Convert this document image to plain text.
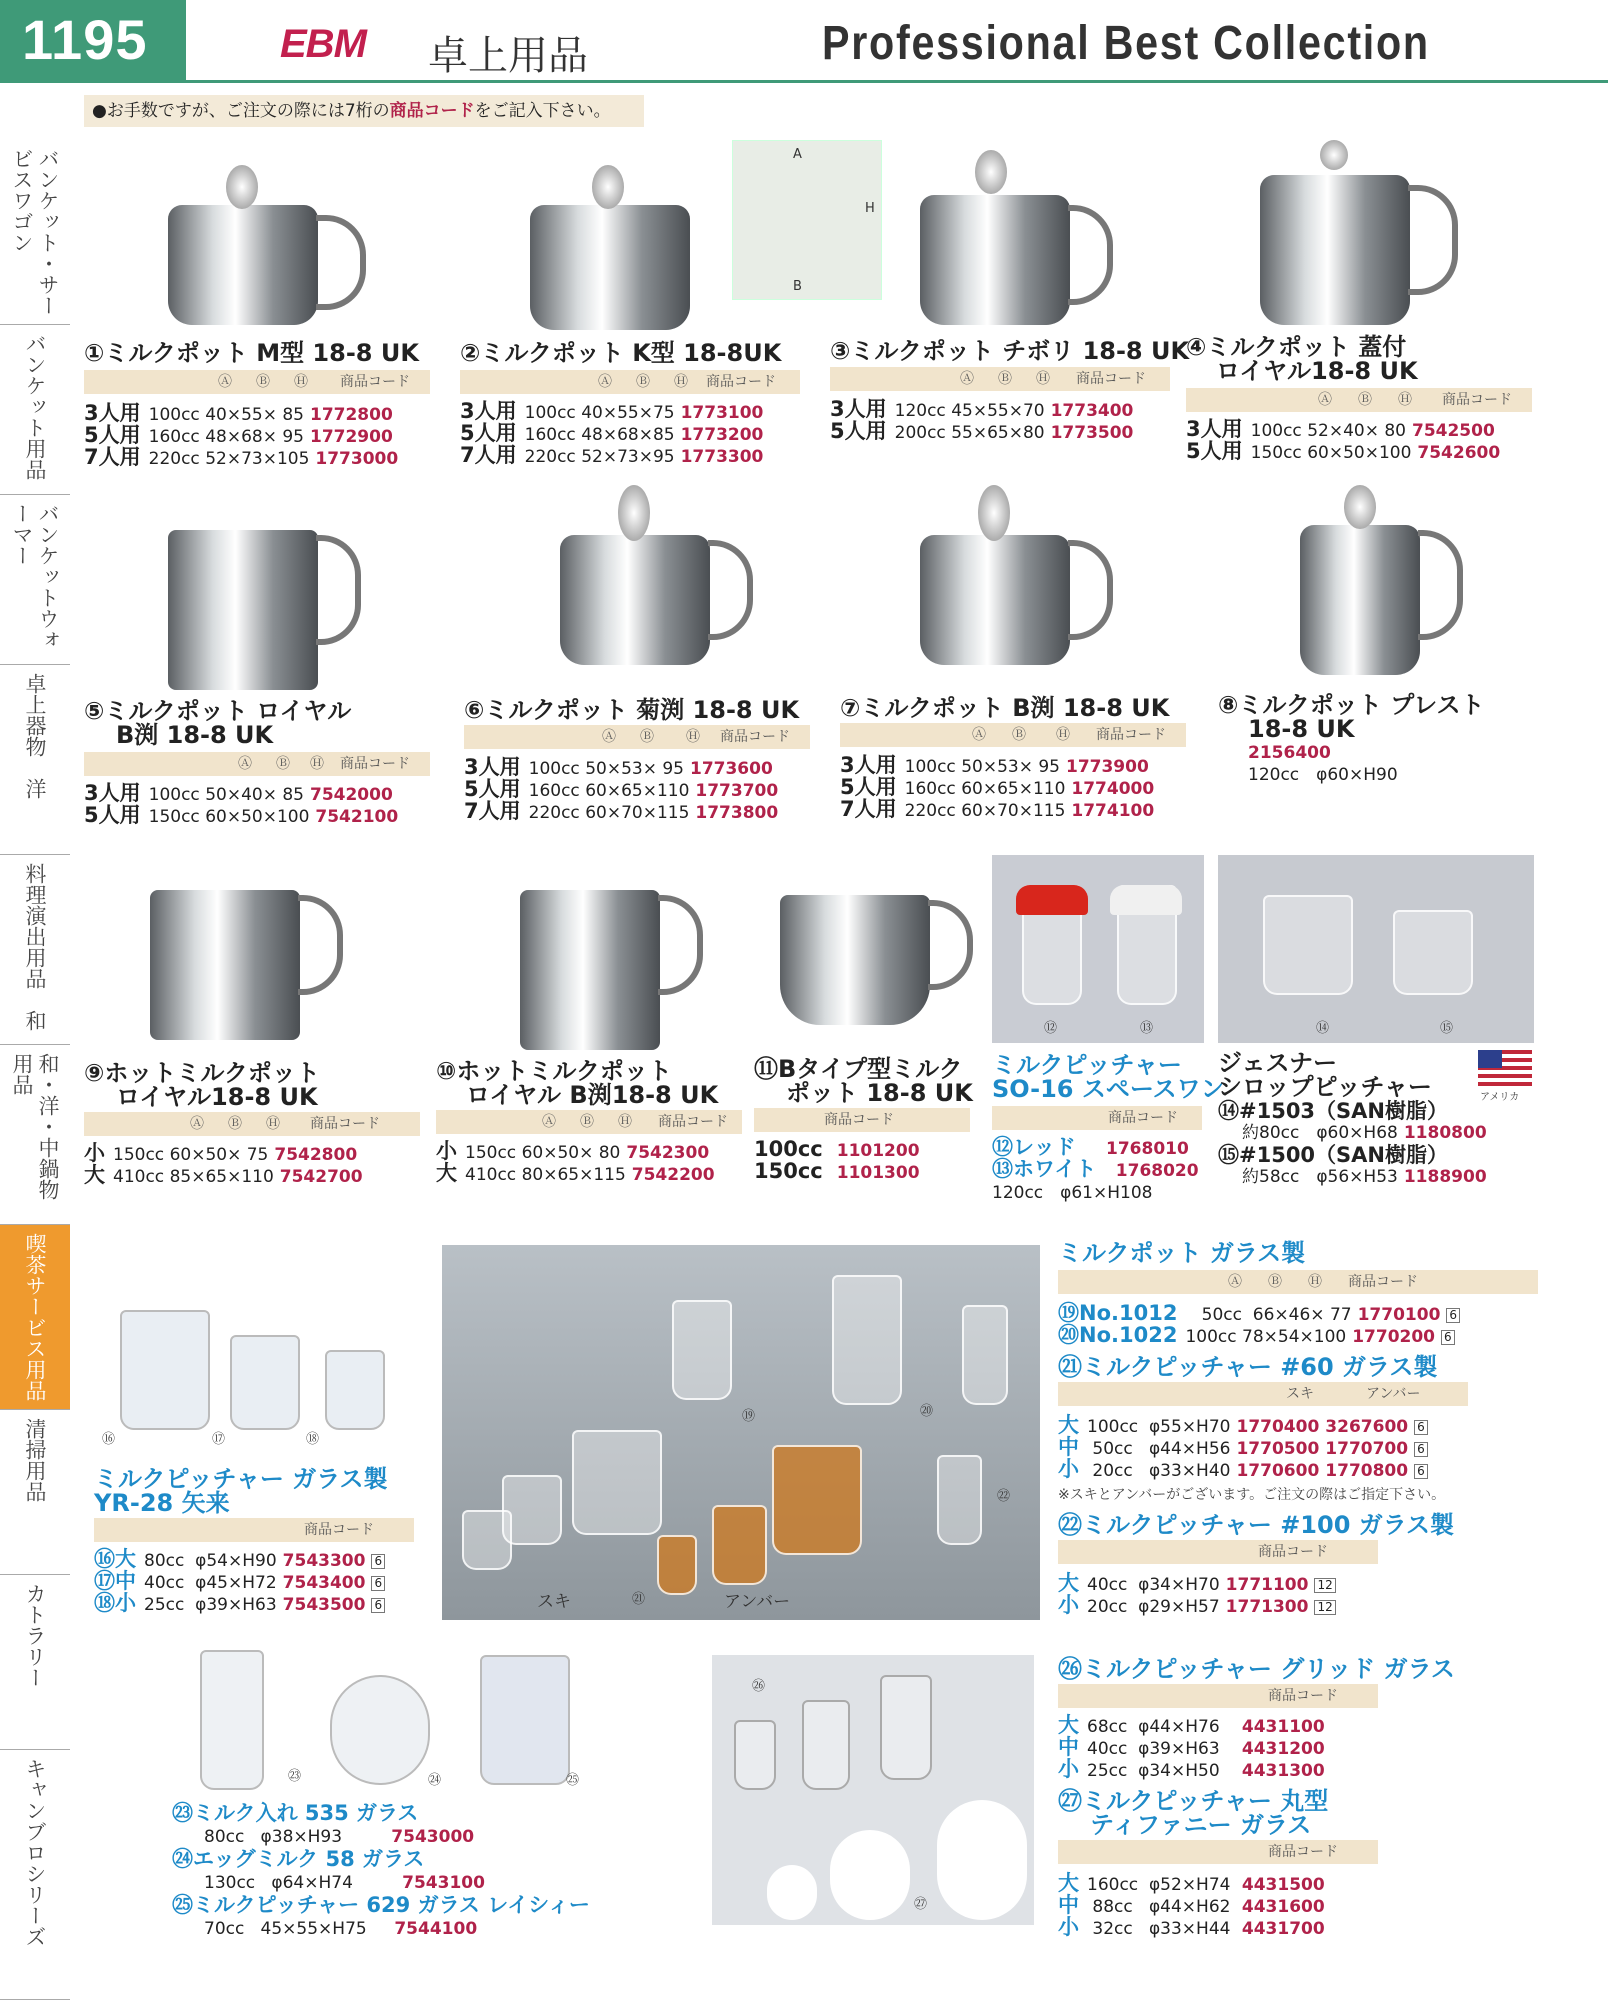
1195	EBM 卓上用品	Professional Best Collection
●お手数ですが、ご注文の際には7桁の商品コードをご記入下さい。
バンケット・サービスワゴン
バンケット用品
バンケットウォーマー
卓上器物　洋
料理演出用品　和
和・洋・中鍋物用品
喫茶サービス用品
清掃用品
カトラリー
キャンブロシリーズ
A
H
B
①ミルクポット M型 18-8 UK
Ⓐ Ⓑ Ⓗ 商品コード
3人用 100cc 40×55× 85 1772800
5人用 160cc 48×68× 95 1772900
7人用 220cc 52×73×105 1773000
②ミルクポット K型 18-8UK
Ⓐ Ⓑ Ⓗ 商品コード
3人用 100cc 40×55×75 1773100
5人用 160cc 48×68×85 1773200
7人用 220cc 52×73×95 1773300
③ミルクポット チボリ 18-8 UK
Ⓐ Ⓑ Ⓗ 商品コード
3人用 120cc 45×55×70 1773400
5人用 200cc 55×65×80 1773500
④ミルクポット 蓋付
ロイヤル18-8 UK
Ⓐ Ⓑ Ⓗ 商品コード
3人用 100cc 52×40× 80 7542500
5人用 150cc 60×50×100 7542600
⑤ミルクポット ロイヤル
B渕 18-8 UK
Ⓐ Ⓑ Ⓗ 商品コード
3人用 100cc 50×40× 85 7542000
5人用 150cc 60×50×100 7542100
⑥ミルクポット 菊渕 18-8 UK
Ⓐ Ⓑ Ⓗ 商品コード
3人用 100cc 50×53× 95 1773600
5人用 160cc 60×65×110 1773700
7人用 220cc 60×70×115 1773800
⑦ミルクポット B渕 18-8 UK
Ⓐ Ⓑ Ⓗ 商品コード
3人用 100cc 50×53× 95 1773900
5人用 160cc 60×65×110 1774000
7人用 220cc 60×70×115 1774100
⑧ミルクポット プレスト
18-8 UK
2156400
120cc　φ60×H90
⑫	⑬	⑭	⑮
⑨ホットミルクポット
ロイヤル18-8 UK
Ⓐ Ⓑ Ⓗ 商品コード
小 150cc 60×50× 75 7542800
大 410cc 85×65×110 7542700
⑩ホットミルクポット
ロイヤル B渕18-8 UK
Ⓐ Ⓑ Ⓗ 商品コード
小 150cc 60×50× 80 7542300
大 410cc 80×65×115 7542200
⑪Bタイプ型ミルク
ポット 18-8 UK
商品コード
100cc 1101200
150cc 1101300
ミルクピッチャー
SO-16 スペースワン
商品コード
⑫レッド 1768010
⑬ホワイト 1768020
120cc　φ61×H108
ジェスナー
シロップピッチャー	アメリカ
⑭#1503（SAN樹脂）
約80cc　φ60×H68 1180800
⑮#1500（SAN樹脂）
約58cc　φ56×H53 1188900
⑯	⑰	⑱
ミルクピッチャー ガラス製
YR-28 矢来
商品コード
⑯大 80cc φ54×H90 7543300 6
⑰中 40cc φ45×H72 7543400 6
⑱小 25cc φ39×H63 7543500 6
⑲	⑳
㉑
㉒
スキ	アンバー
ミルクポット ガラス製
Ⓐ Ⓑ Ⓗ 商品コード
⑲No.1012 50cc 66×46× 77 1770100 6
⑳No.1022 100cc 78×54×100 1770200 6
㉑ミルクピッチャー #60 ガラス製
スキ	アンバー
大 100cc φ55×H70 1770400 3267600 6
中 50cc φ44×H56 1770500 1770700 6
小 20cc φ33×H40 1770600 1770800 6
※スキとアンバーがございます。ご注文の際はご指定下さい。
㉒ミルクピッチャー #100 ガラス製
商品コード
大 40cc φ34×H70 1771100 12
小 20cc φ29×H57 1771300 12
㉓	㉔	㉕
㉓ミルク入れ 535 ガラス
80cc φ38×H93	7543000
㉔エッグミルク 58 ガラス
130cc φ64×H74	7543100
㉕ミルクピッチャー 629 ガラス レイシィー
70cc 45×55×H75 7544100
㉖
㉗
㉖ミルクピッチャー グリッド ガラス
商品コード
大 68cc φ44×H76 4431100
中 40cc φ39×H63 4431200
小 25cc φ34×H50 4431300
㉗ミルクピッチャー 丸型
ティファニー ガラス
商品コード
大 160cc φ52×H74 4431500
中 88cc φ44×H62 4431600
小 32cc φ33×H44 4431700
